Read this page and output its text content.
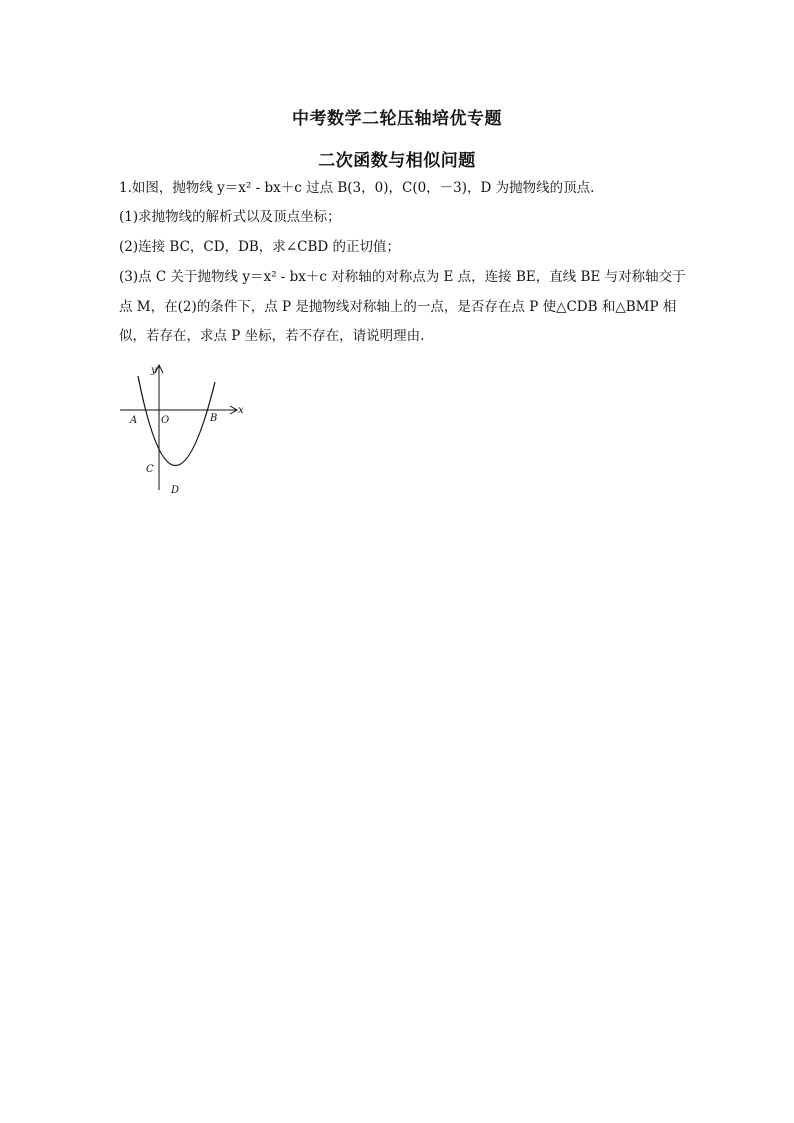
中考数学二轮压轴培优专题
二次函数与相似问题

1.如图，抛物线 y＝x² - bx＋c 过点 B(3，0)，C(0，－3)，D 为抛物线的顶点.

(1)求抛物线的解析式以及顶点坐标；

(2)连接 BC，CD，DB，求∠CBD 的正切值；

(3)点 C 关于抛物线 y＝x² - bx＋c 对称轴的对称点为 E 点，连接 BE，直线 BE 与对称轴交于点 M，在(2)的条件下，点 P 是抛物线对称轴上的一点，是否存在点 P 使△CDB 和△BMP 相似，若存在，求点 P 坐标，若不存在，请说明理由.

x
y
O
A	B
C
D
